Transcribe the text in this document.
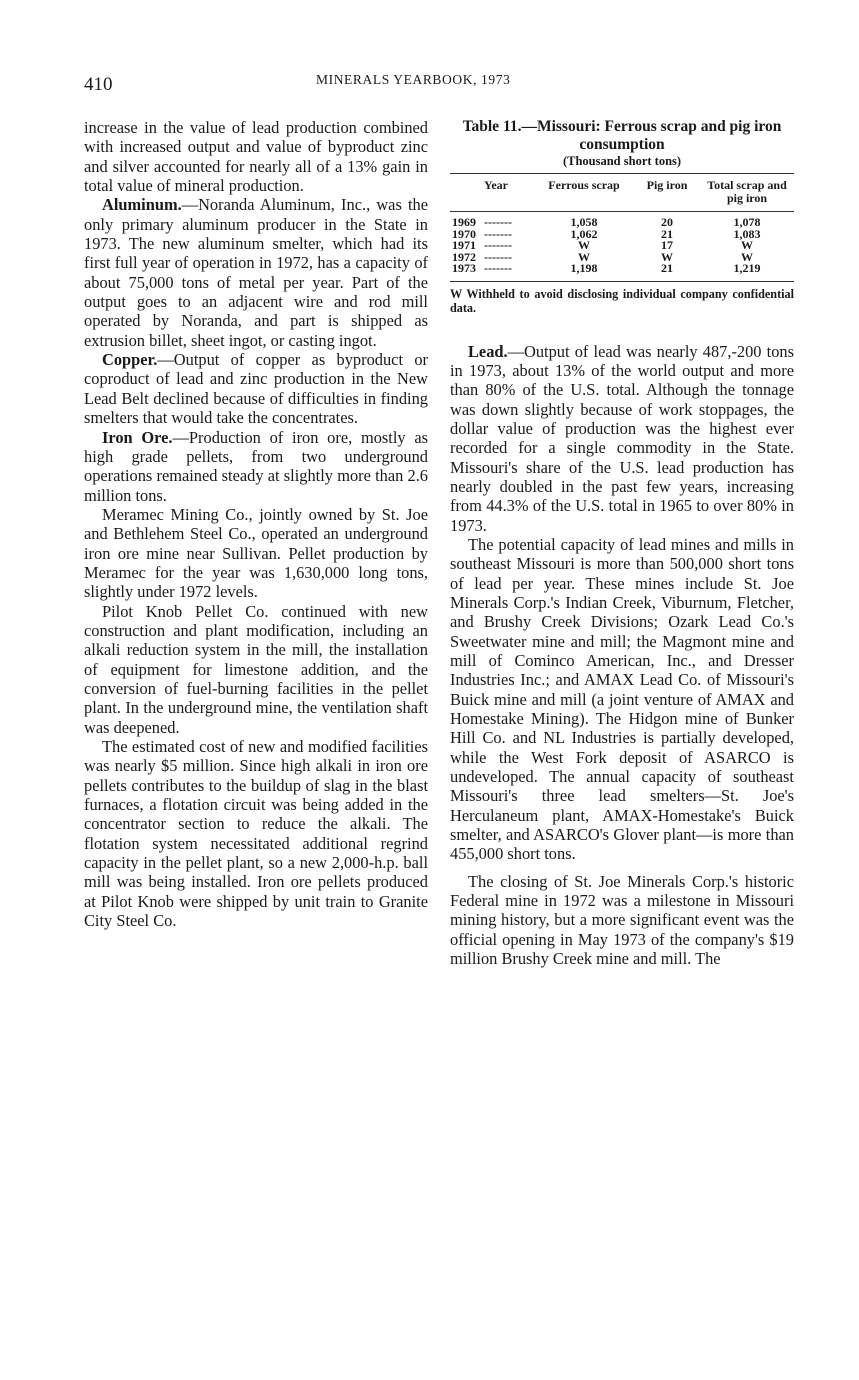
410	MINERALS YEARBOOK, 1973

increase in the value of lead production combined with increased output and value of byproduct zinc and silver accounted for nearly all of a 13% gain in total value of mineral production.

Aluminum.—Noranda Aluminum, Inc., was the only primary aluminum producer in the State in 1973. The new aluminum smelter, which had its first full year of operation in 1972, has a capacity of about 75,000 tons of metal per year. Part of the output goes to an adjacent wire and rod mill operated by Noranda, and part is shipped as extrusion billet, sheet ingot, or casting ingot.

Copper.—Output of copper as byproduct or coproduct of lead and zinc production in the New Lead Belt declined because of difficulties in finding smelters that would take the concentrates.

Iron Ore.—Production of iron ore, mostly as high grade pellets, from two underground operations remained steady at slightly more than 2.6 million tons.

Meramec Mining Co., jointly owned by St. Joe and Bethlehem Steel Co., operated an underground iron ore mine near Sullivan. Pellet production by Meramec for the year was 1,630,000 long tons, slightly under 1972 levels.

Pilot Knob Pellet Co. continued with new construction and plant modification, including an alkali reduction system in the mill, the installation of equipment for limestone addition, and the conversion of fuel-burning facilities in the pellet plant. In the underground mine, the ventilation shaft was deepened.

The estimated cost of new and modified facilities was nearly $5 million. Since high alkali in iron ore pellets contributes to the buildup of slag in the blast furnaces, a flotation circuit was being added in the concentrator section to reduce the alkali. The flotation system necessitated additional regrind capacity in the pellet plant, so a new 2,000-h.p. ball mill was being installed. Iron ore pellets produced at Pilot Knob were shipped by unit train to Granite City Steel Co.

Table 11.—Missouri: Ferrous scrap and pig iron consumption
(Thousand short tons)
Year	Ferrous scrap	Pig iron	Total scrap and pig iron
1969 -------	1,058	20	1,078
1970 -------	1,062	21	1,083
1971 -------	W	17	W
1972 -------	W	W	W
1973 -------	1,198	21	1,219
W Withheld to avoid disclosing individual company confidential data.

Lead.—Output of lead was nearly 487,-200 tons in 1973, about 13% of the world output and more than 80% of the U.S. total. Although the tonnage was down slightly because of work stoppages, the dollar value of production was the highest ever recorded for a single commodity in the State. Missouri's share of the U.S. lead production has nearly doubled in the past few years, increasing from 44.3% of the U.S. total in 1965 to over 80% in 1973.

The potential capacity of lead mines and mills in southeast Missouri is more than 500,000 short tons of lead per year. These mines include St. Joe Minerals Corp.'s Indian Creek, Viburnum, Fletcher, and Brushy Creek Divisions; Ozark Lead Co.'s Sweetwater mine and mill; the Magmont mine and mill of Cominco American, Inc., and Dresser Industries Inc.; and AMAX Lead Co. of Missouri's Buick mine and mill (a joint venture of AMAX and Homestake Mining). The Hidgon mine of Bunker Hill Co. and NL Industries is partially developed, while the West Fork deposit of ASARCO is undeveloped. The annual capacity of southeast Missouri's three lead smelters—St. Joe's Herculaneum plant, AMAX-Homestake's Buick smelter, and ASARCO's Glover plant—is more than 455,000 short tons.

The closing of St. Joe Minerals Corp.'s historic Federal mine in 1972 was a milestone in Missouri mining history, but a more significant event was the official opening in May 1973 of the company's $19 million Brushy Creek mine and mill. The
